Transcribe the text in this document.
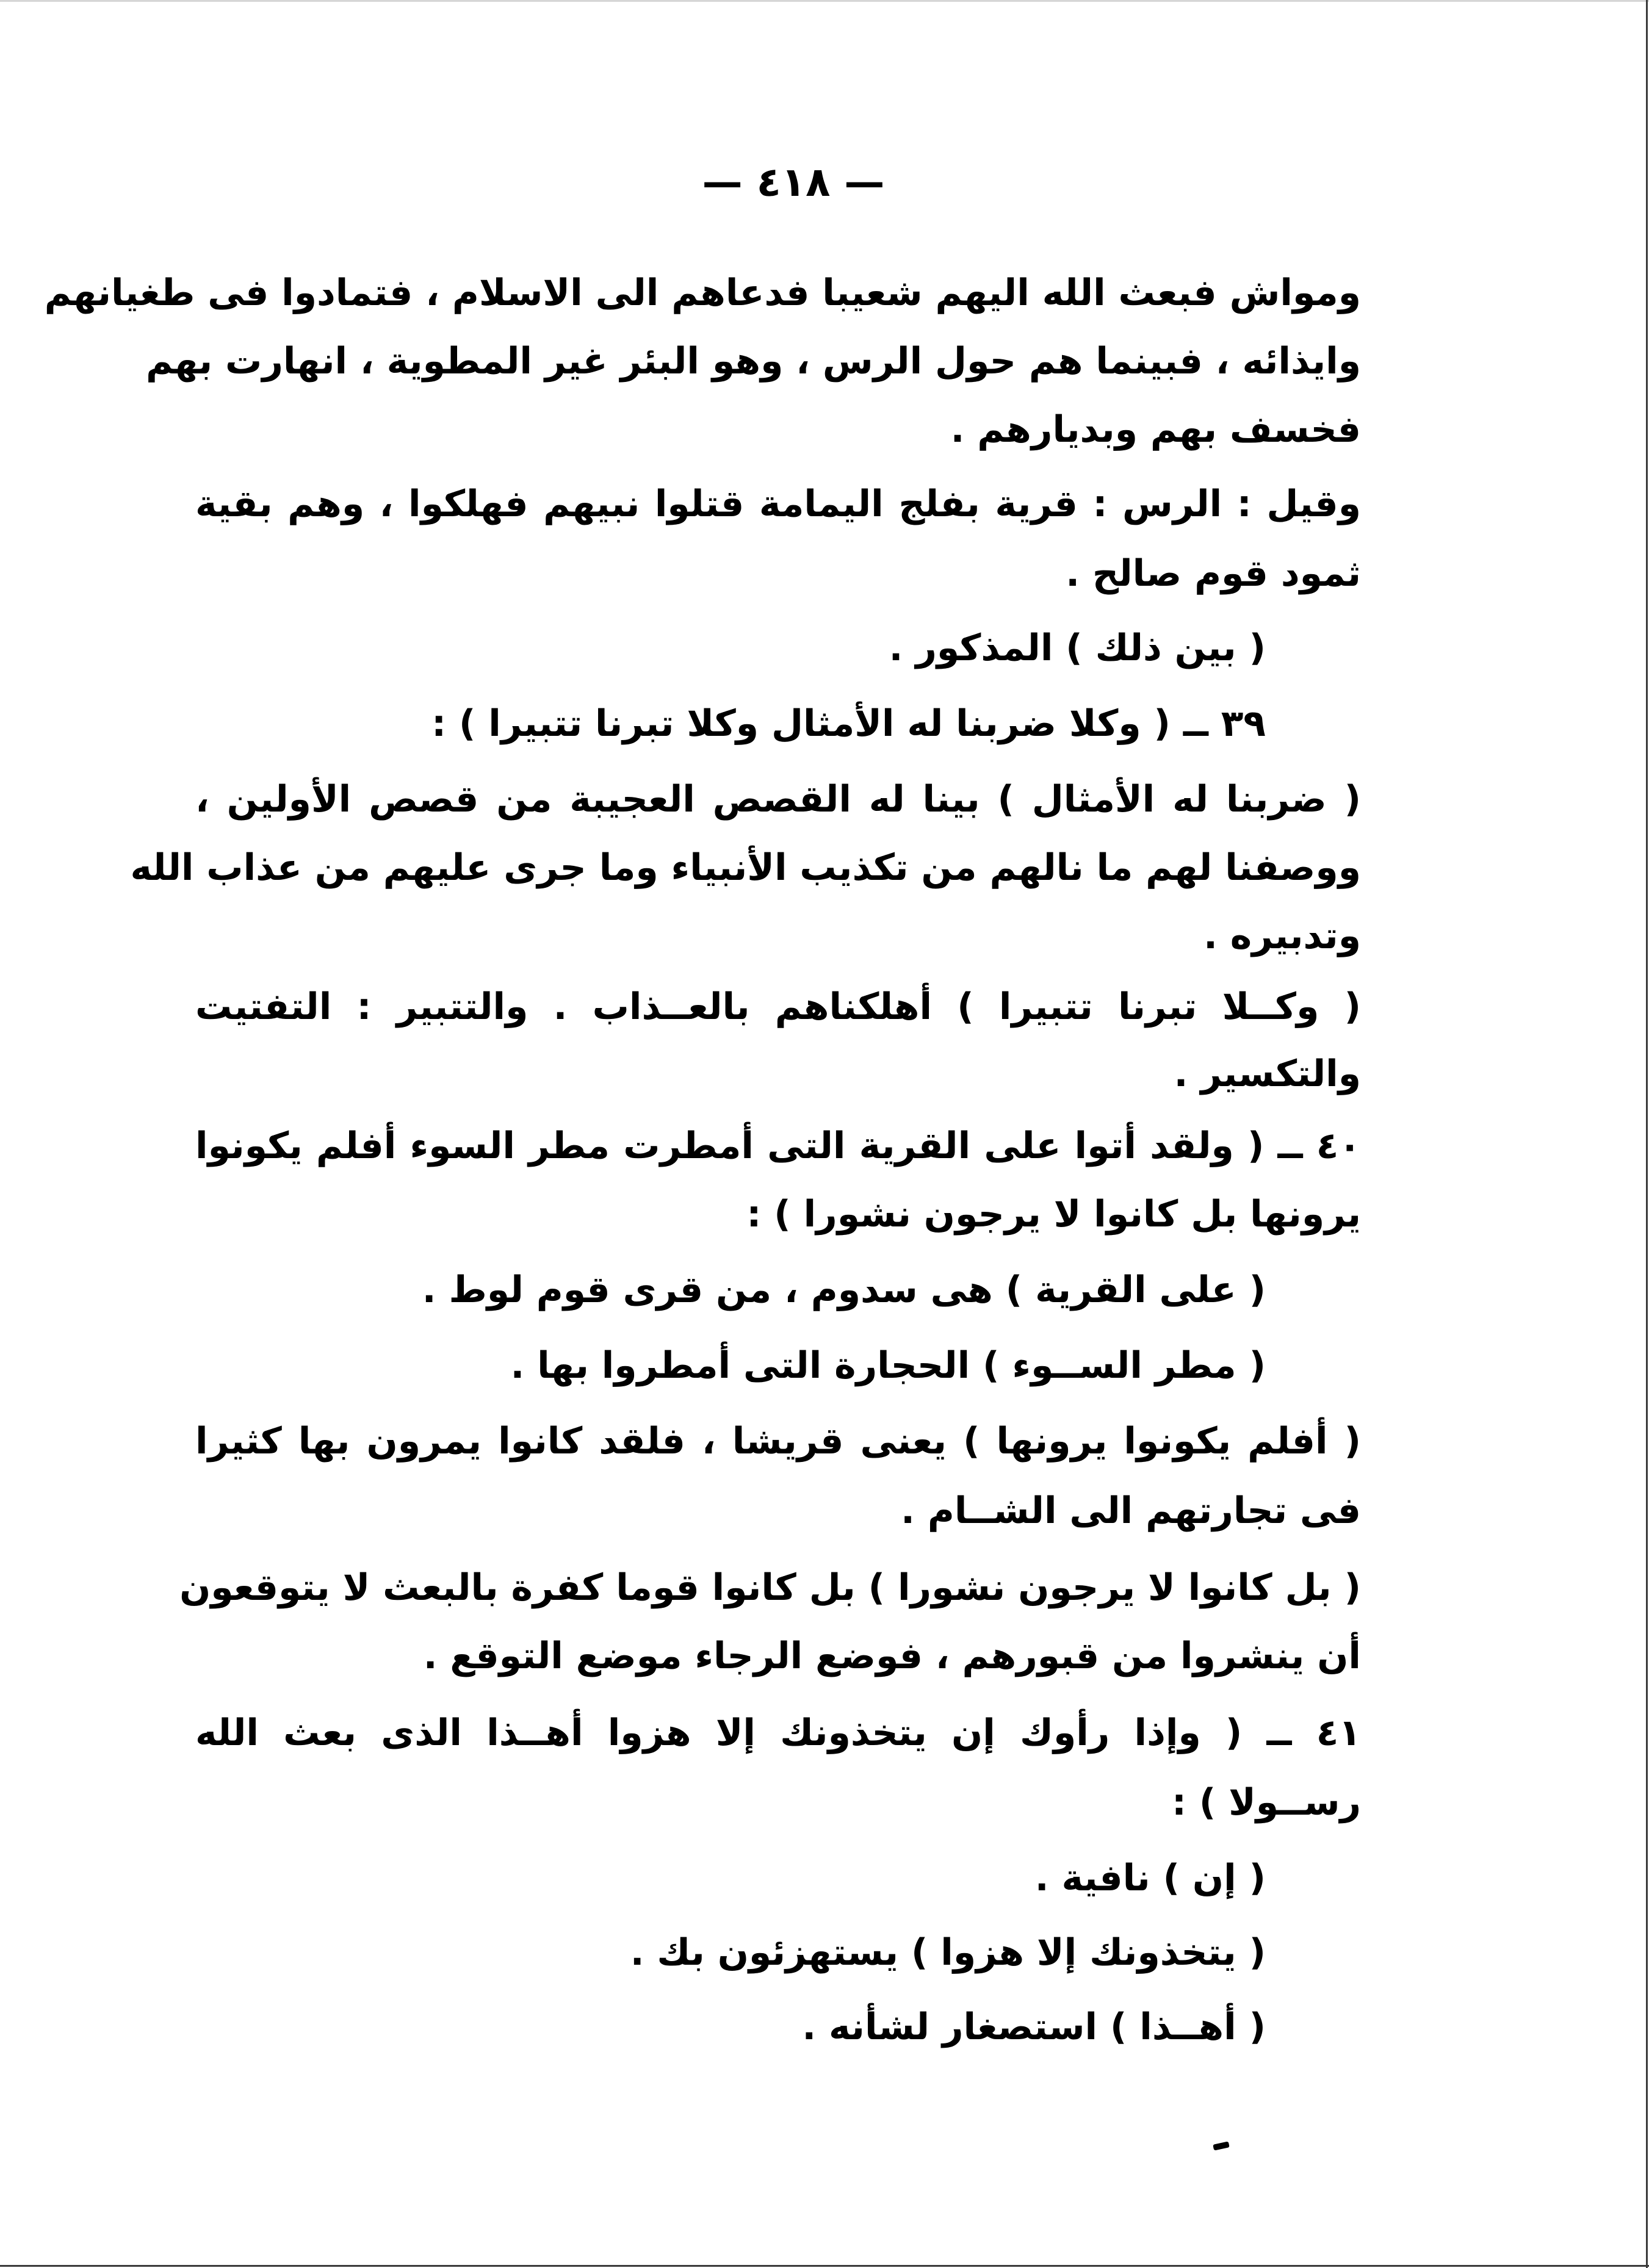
— ٤١٨ —
ومواش فبعث الله اليهم شعيبا فدعاهم الى الاسلام ، فتمادوا فى طغيانهم
وايذائه ، فبينما هم حول الرس ، وهو البئر غير المطوية ، انهارت بهم
فخسف بهم وبديارهم .
وقيل : الرس : قرية بفلج اليمامة قتلوا نبيهم فهلكوا ، وهم بقية
ثمود قوم صالح .
( بين ذلك ) المذكور .
٣٩ ــ ( وكلا ضربنا له الأمثال وكلا تبرنا تتبيرا ) :
( ضربنا له الأمثال ) بينا له القصص العجيبة من قصص الأولين ،
ووصفنا لهم ما نالهم من تكذيب الأنبياء وما جرى عليهم من عذاب الله
وتدبيره .
( وكــلا تبرنا تتبيرا ) أهلكناهم بالعــذاب . والتتبير : التفتيت
والتكسير .
٤٠ ــ ( ولقد أتوا على القرية التى أمطرت مطر السوء أفلم يكونوا
يرونها بل كانوا لا يرجون نشورا ) :
( على القرية ) هى سدوم ، من قرى قوم لوط .
( مطر الســوء ) الحجارة التى أمطروا بها .
( أفلم يكونوا يرونها ) يعنى قريشا ، فلقد كانوا يمرون بها كثيرا
فى تجارتهم الى الشــام .
( بل كانوا لا يرجون نشورا ) بل كانوا قوما كفرة بالبعث لا يتوقعون
أن ينشروا من قبورهم ، فوضع الرجاء موضع التوقع .
٤١ ــ ( وإذا رأوك إن يتخذونك إلا هزوا أهــذا الذى بعث الله
رســولا ) :
( إن ) نافية .
( يتخذونك إلا هزوا ) يستهزئون بك .
( أهــذا ) استصغار لشأنه .
